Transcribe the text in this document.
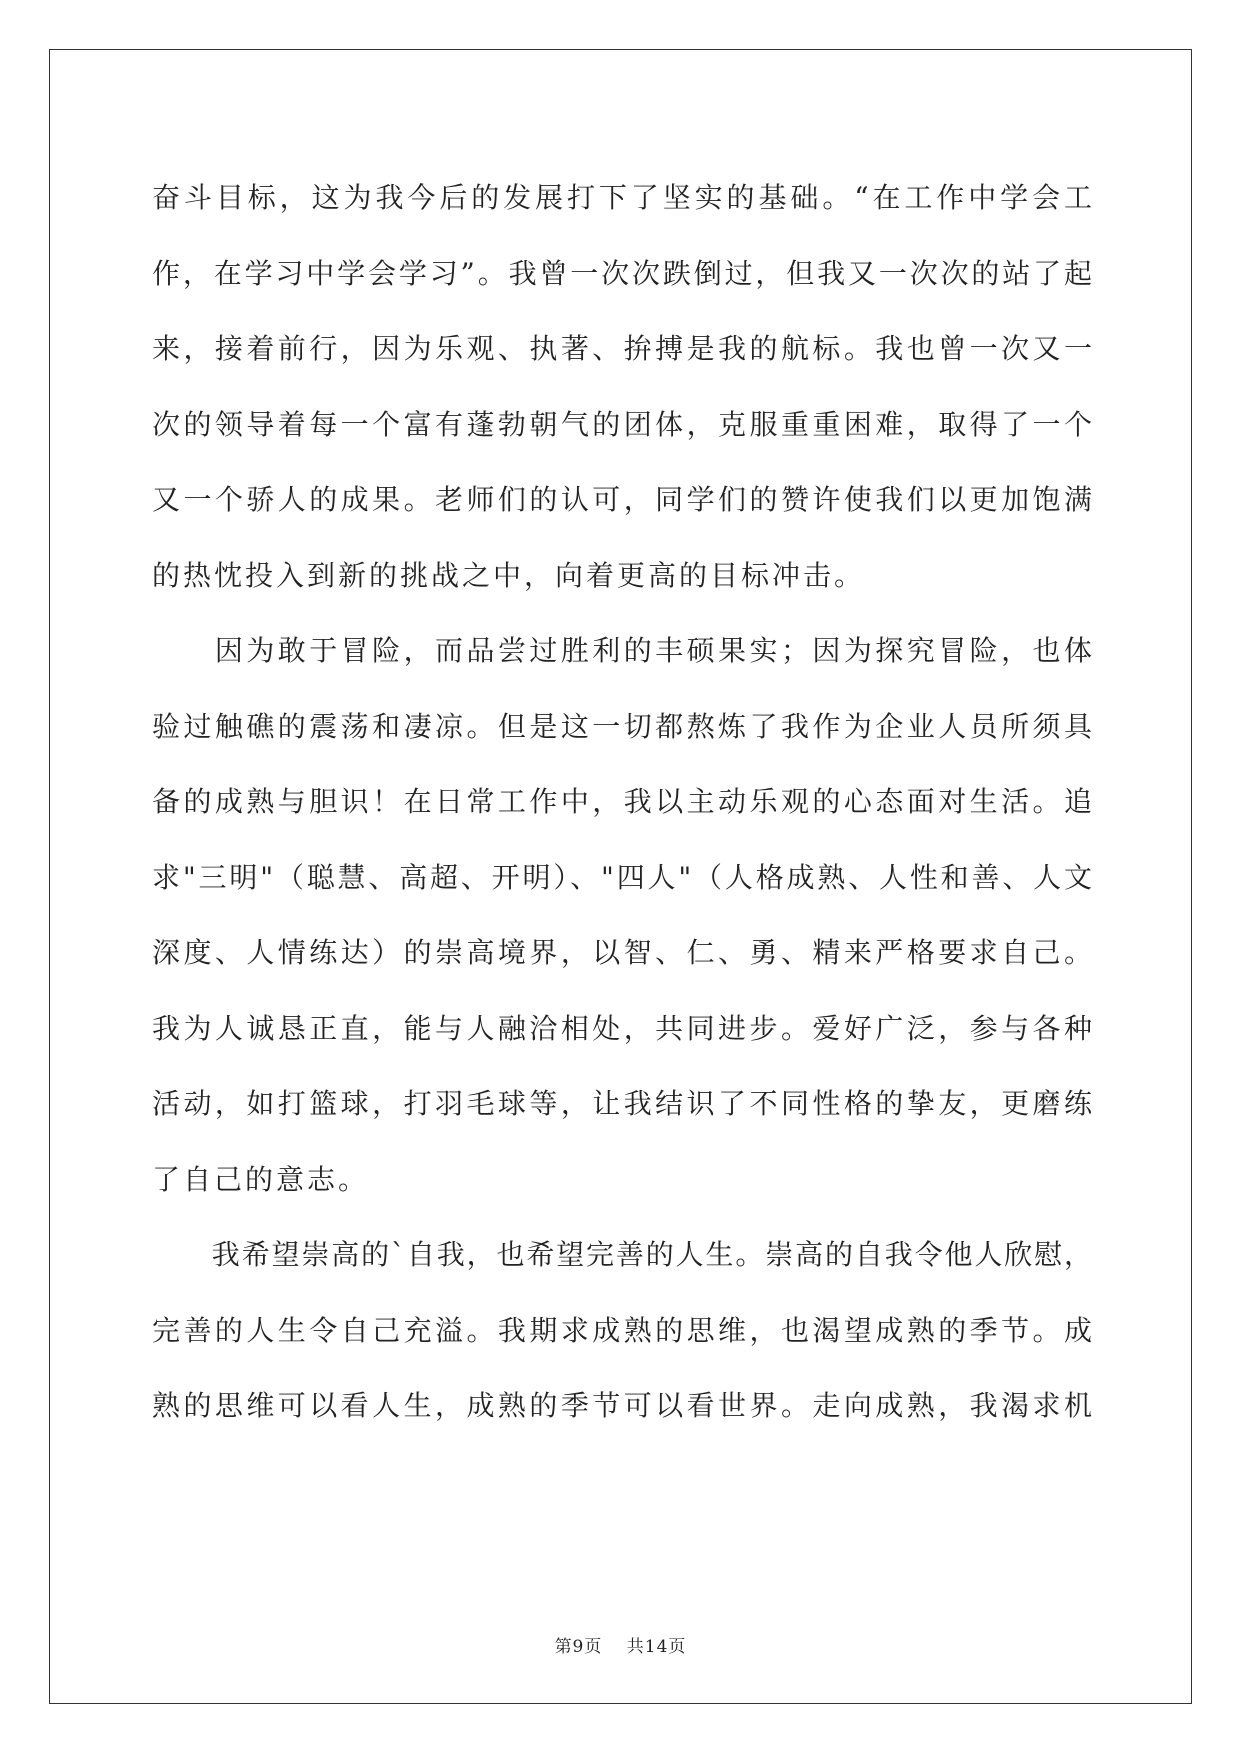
奋斗目标，这为我今后的发展打下了坚实的基础。“在工作中学会工
作，在学习中学会学习”。我曾一次次跌倒过，但我又一次次的站了起
来，接着前行，因为乐观、执著、拚搏是我的航标。我也曾一次又一
次的领导着每一个富有蓬勃朝气的团体，克服重重困难，取得了一个
又一个骄人的成果。老师们的认可，同学们的赞许使我们以更加饱满
的热忱投入到新的挑战之中，向着更高的目标冲击。
　　因为敢于冒险，而品尝过胜利的丰硕果实；因为探究冒险，也体
验过触礁的震荡和凄凉。但是这一切都熬炼了我作为企业人员所须具
备的成熟与胆识！在日常工作中，我以主动乐观的心态面对生活。追
求"三明"（聪慧、高超、开明）、"四人"（人格成熟、人性和善、人文
深度、人情练达）的崇高境界，以智、仁、勇、精来严格要求自己。
我为人诚恳正直，能与人融洽相处，共同进步。爱好广泛，参与各种
活动，如打篮球，打羽毛球等，让我结识了不同性格的挚友，更磨练
了自己的意志。
　　我希望崇高的`自我，也希望完善的人生。崇高的自我令他人欣慰，
完善的人生令自己充溢。我期求成熟的思维，也渴望成熟的季节。成
熟的思维可以看人生，成熟的季节可以看世界。走向成熟，我渴求机
第9页 共14页
